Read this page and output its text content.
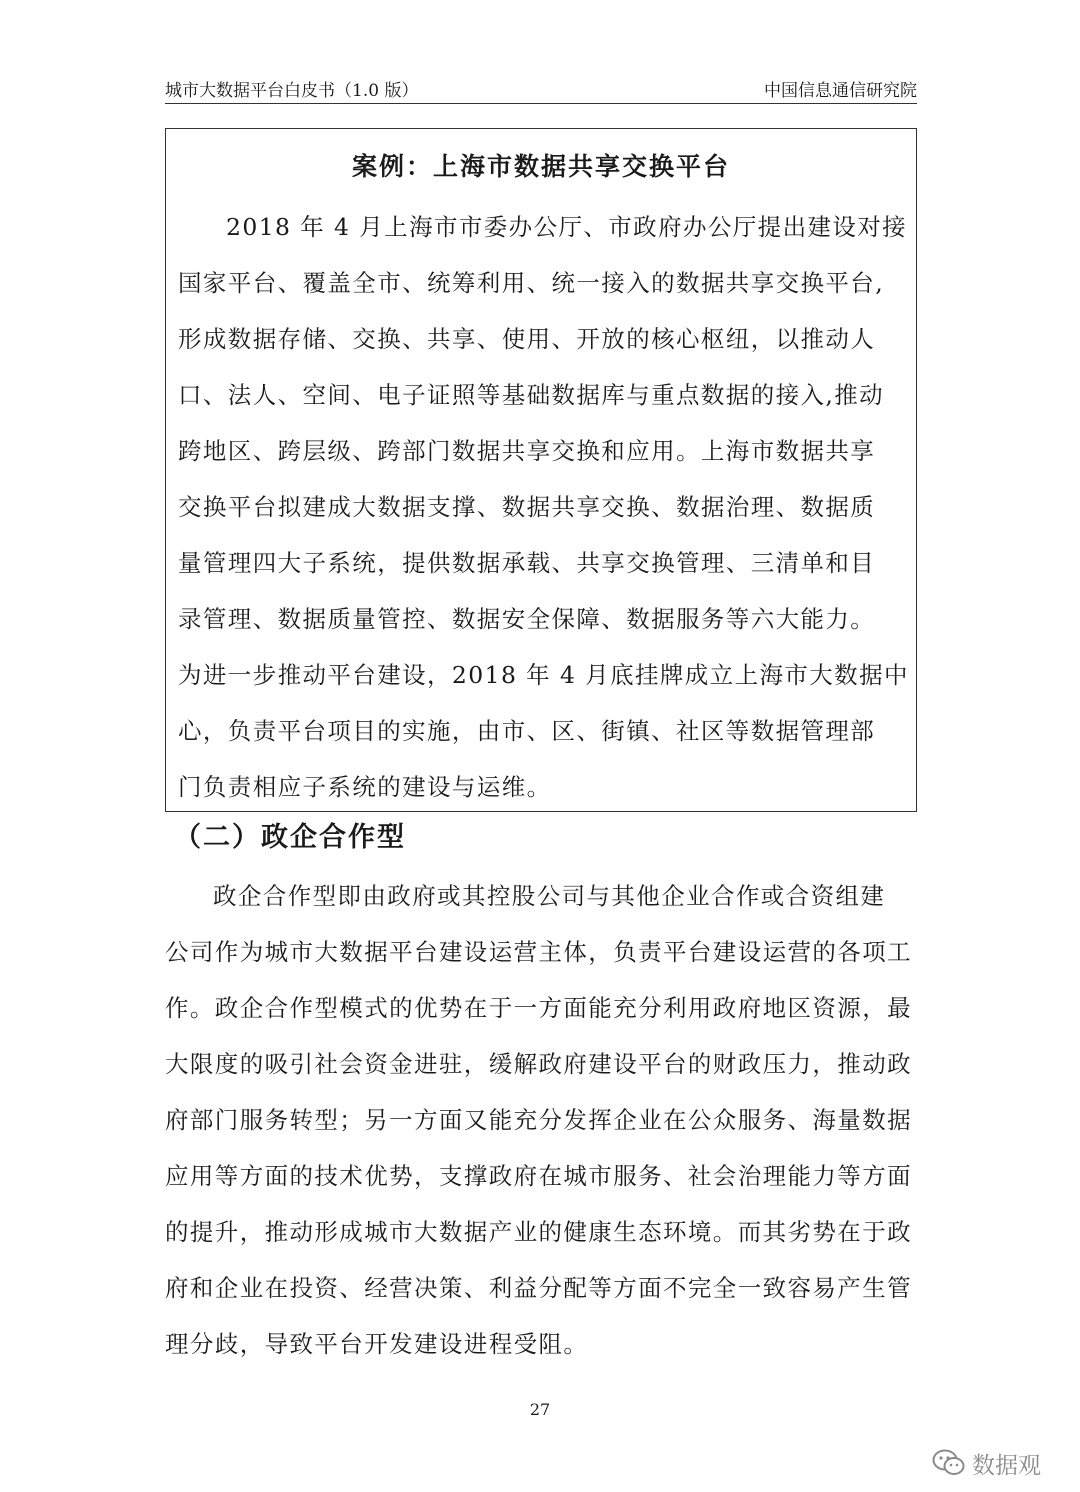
城市大数据平台白皮书（1.0 版）	中国信息通信研究院
案例：上海市数据共享交换平台
2018 年 4 月上海市市委办公厅、市政府办公厅提出建设对接
国家平台、覆盖全市、统筹利用、统一接入的数据共享交换平台,
形成数据存储、交换、共享、使用、开放的核心枢纽，以推动人
口、法人、空间、电子证照等基础数据库与重点数据的接入,推动
跨地区、跨层级、跨部门数据共享交换和应用。上海市数据共享
交换平台拟建成大数据支撑、数据共享交换、数据治理、数据质
量管理四大子系统，提供数据承载、共享交换管理、三清单和目
录管理、数据质量管控、数据安全保障、数据服务等六大能力。
为进一步推动平台建设，2018 年 4 月底挂牌成立上海市大数据中
心，负责平台项目的实施，由市、区、街镇、社区等数据管理部
门负责相应子系统的建设与运维。
（二）政企合作型
政企合作型即由政府或其控股公司与其他企业合作或合资组建
公司作为城市大数据平台建设运营主体，负责平台建设运营的各项工
作。政企合作型模式的优势在于一方面能充分利用政府地区资源，最
大限度的吸引社会资金进驻，缓解政府建设平台的财政压力，推动政
府部门服务转型；另一方面又能充分发挥企业在公众服务、海量数据
应用等方面的技术优势，支撑政府在城市服务、社会治理能力等方面
的提升，推动形成城市大数据产业的健康生态环境。而其劣势在于政
府和企业在投资、经营决策、利益分配等方面不完全一致容易产生管
理分歧，导致平台开发建设进程受阻。
27
数据观
